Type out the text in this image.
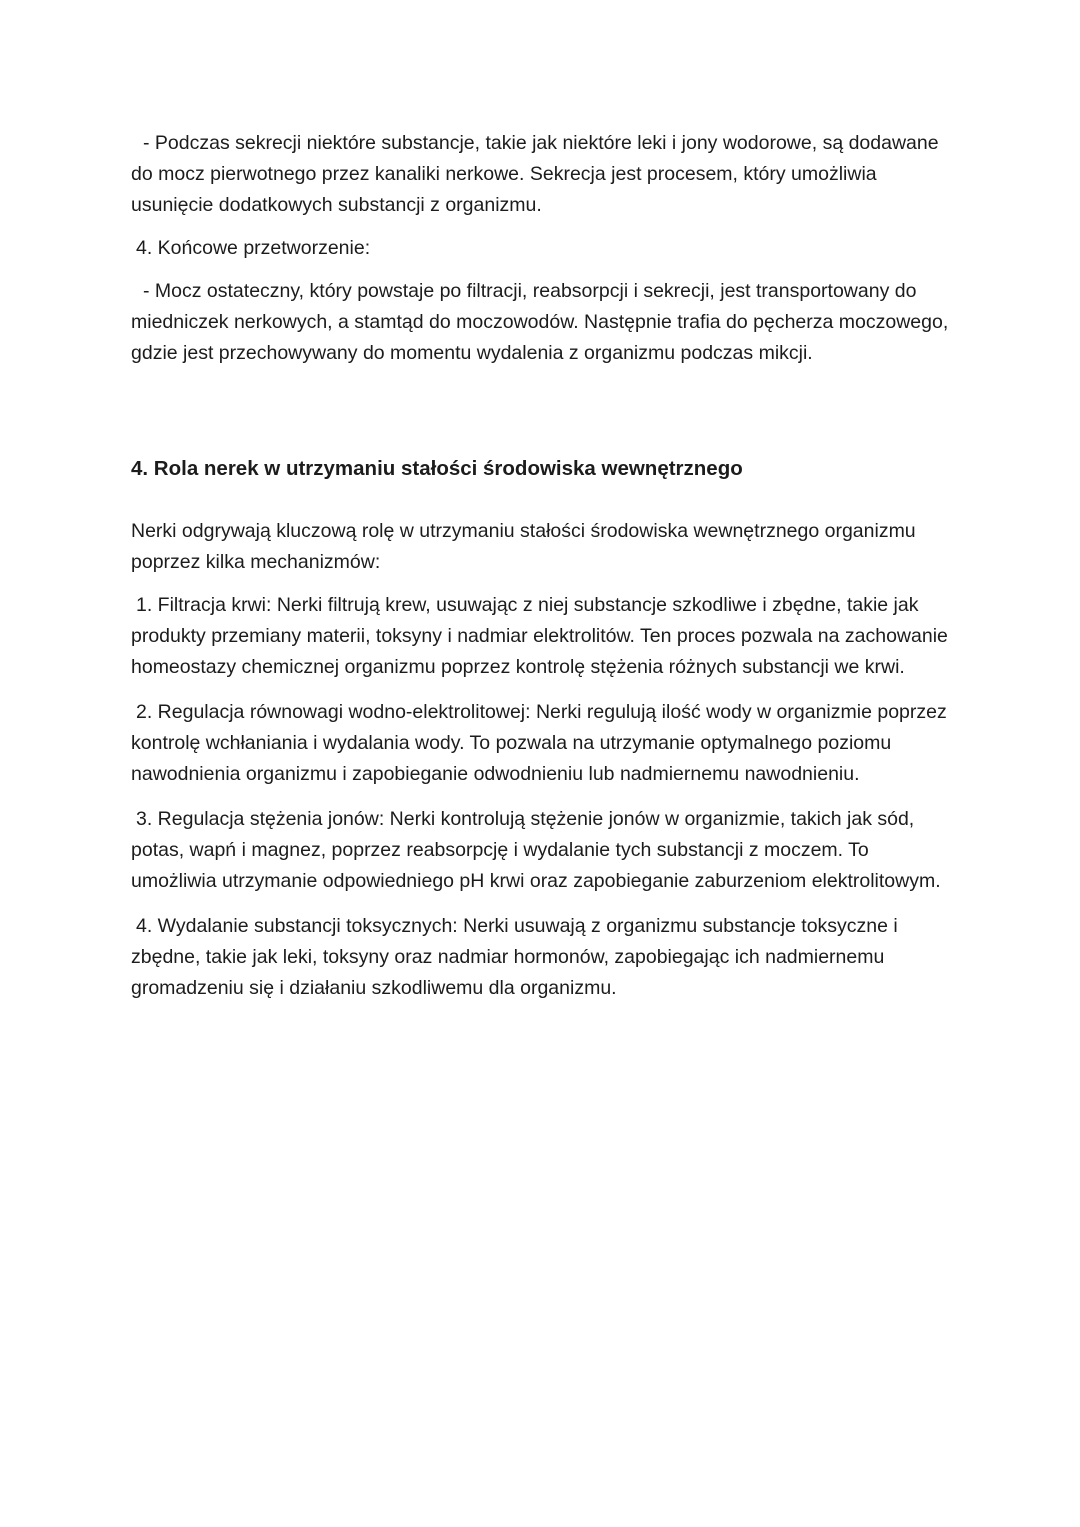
- Podczas sekrecji niektóre substancje, takie jak niektóre leki i jony wodorowe, są dodawane do mocz pierwotnego przez kanaliki nerkowe. Sekrecja jest procesem, który umożliwia usunięcie dodatkowych substancji z organizmu.

4. Końcowe przetworzenie:

- Mocz ostateczny, który powstaje po filtracji, reabsorpcji i sekrecji, jest transportowany do miedniczek nerkowych, a stamtąd do moczowodów. Następnie trafia do pęcherza moczowego, gdzie jest przechowywany do momentu wydalenia z organizmu podczas mikcji.

4. Rola nerek w utrzymaniu stałości środowiska wewnętrznego

Nerki odgrywają kluczową rolę w utrzymaniu stałości środowiska wewnętrznego organizmu poprzez kilka mechanizmów:

1. Filtracja krwi: Nerki filtrują krew, usuwając z niej substancje szkodliwe i zbędne, takie jak produkty przemiany materii, toksyny i nadmiar elektrolitów. Ten proces pozwala na zachowanie homeostazy chemicznej organizmu poprzez kontrolę stężenia różnych substancji we krwi.

2. Regulacja równowagi wodno-elektrolitowej: Nerki regulują ilość wody w organizmie poprzez kontrolę wchłaniania i wydalania wody. To pozwala na utrzymanie optymalnego poziomu nawodnienia organizmu i zapobieganie odwodnieniu lub nadmiernemu nawodnieniu.

3. Regulacja stężenia jonów: Nerki kontrolują stężenie jonów w organizmie, takich jak sód, potas, wapń i magnez, poprzez reabsorpcję i wydalanie tych substancji z moczem. To umożliwia utrzymanie odpowiedniego pH krwi oraz zapobieganie zaburzeniom elektrolitowym.

4. Wydalanie substancji toksycznych: Nerki usuwają z organizmu substancje toksyczne i zbędne, takie jak leki, toksyny oraz nadmiar hormonów, zapobiegając ich nadmiernemu gromadzeniu się i działaniu szkodliwemu dla organizmu.
